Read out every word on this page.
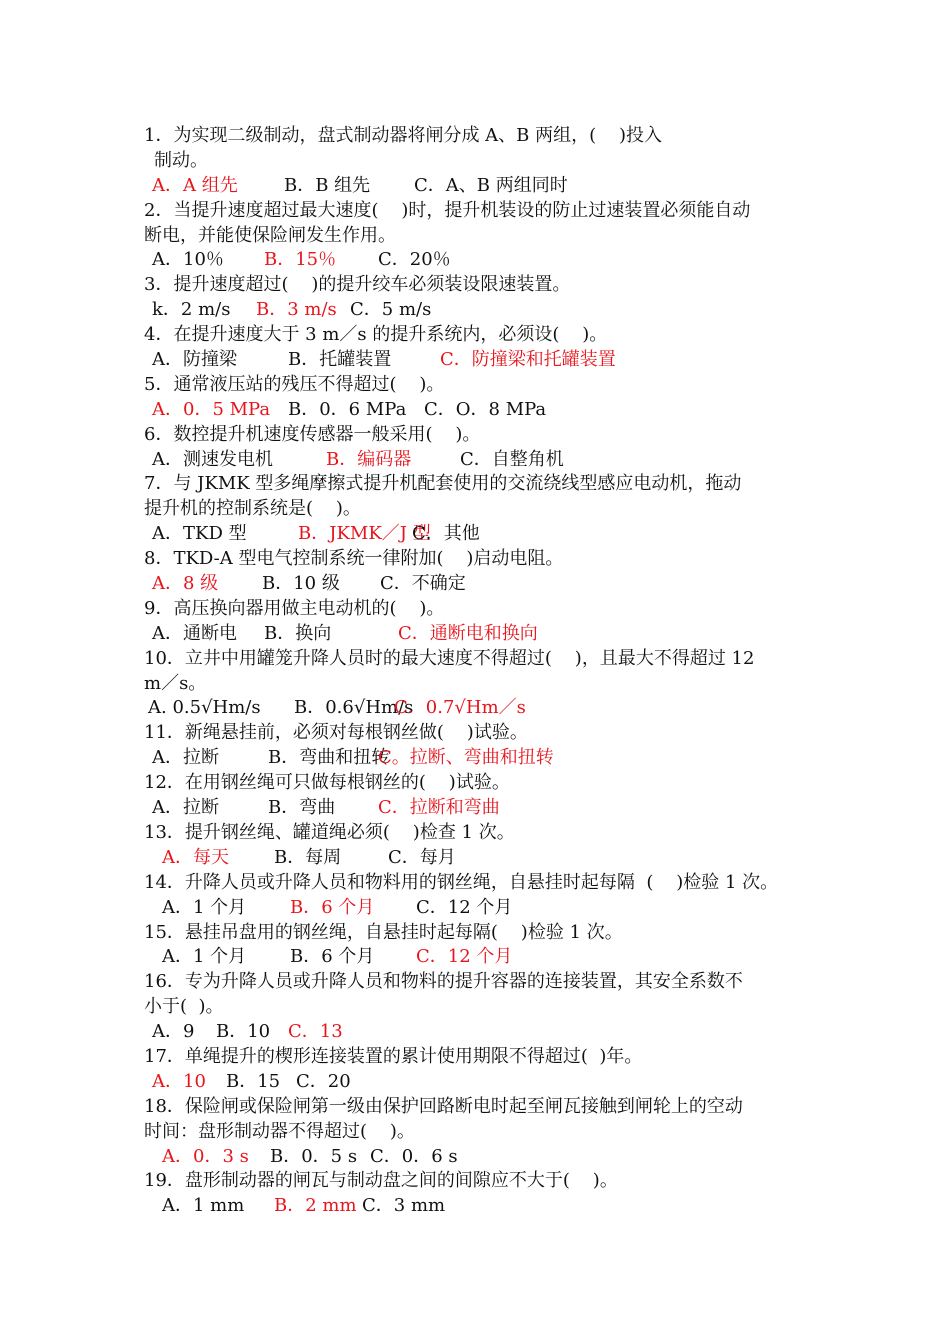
1．为实现二级制动，盘式制动器将闸分成 A、B 两组，(    )投入
制动。
A．A 组先	B．B 组先 C．A、B 两组同时
2．当提升速度超过最大速度(    )时，提升机装设的防止过速装置必须能自动
断电，并能使保险闸发生作用。
A．10％ B．15％ C．20％
3．提升速度超过(    )的提升绞车必须装设限速装置。
k．2 m/s B．3 m/s C．5 m/s
4．在提升速度大于 3 m／s 的提升系统内，必须设(    )。
A．防撞梁	B．托罐装置	C．防撞梁和托罐装置
5．通常液压站的残压不得超过(    )。
A．0．5 MPa B．0．6 MPa C．O．8 MPa
6．数控提升机速度传感器一般采用(    )。
A．测速发电机	B．编码器	C．自整角机
7．与 JKMK 型多绳摩擦式提升机配套使用的交流绕线型感应电动机，拖动
提升机的控制系统是(    )。
A．TKD 型	B．JKMK／J 型
C．其他
8．TKD-A 型电气控制系统一律附加(    )启动电阻。
A．8 级 B．10 级 C．不确定
9．高压换向器用做主电动机的(    )。
A．通断电 B．换向	C．通断电和换向
10．立井中用罐笼升降人员时的最大速度不得超过(    )，且最大不得超过 12
m／s。
A. 0.5√Hm/s B．0.6√Hm/s
C．0.7√Hm／s
11．新绳悬挂前，必须对每根钢丝做(    )试验。
A．拉断	B．弯曲和扭转
C。拉断、弯曲和扭转
12．在用钢丝绳可只做每根钢丝的(    )试验。
A．拉断	B．弯曲 C．拉断和弯曲
13．提升钢丝绳、罐道绳必须(    )检查 1 次。
A．每天	B．每周	C．每月
14．升降人员或升降人员和物料用的钢丝绳，自悬挂时起每隔  (    )检验 1 次。
A．1 个月 B．6 个月 C．12 个月
15．悬挂吊盘用的钢丝绳，自悬挂时起每隔(    )检验 1 次。
A．1 个月 B．6 个月 C．12 个月
16．专为升降人员或升降人员和物料的提升容器的连接装置，其安全系数不
小于(  )。
A．9 B．10 C．13
17．单绳提升的楔形连接装置的累计使用期限不得超过(  )年。
A．10 B．15 C．20
18．保险闸或保险闸第一级由保护回路断电时起至闸瓦接触到闸轮上的空动
时间：盘形制动器不得超过(    )。
A．0．3 s B．0．5 s C．0．6 s
19．盘形制动器的闸瓦与制动盘之间的间隙应不大于(    )。
A．1 mm B．2 mm C．3 mm
